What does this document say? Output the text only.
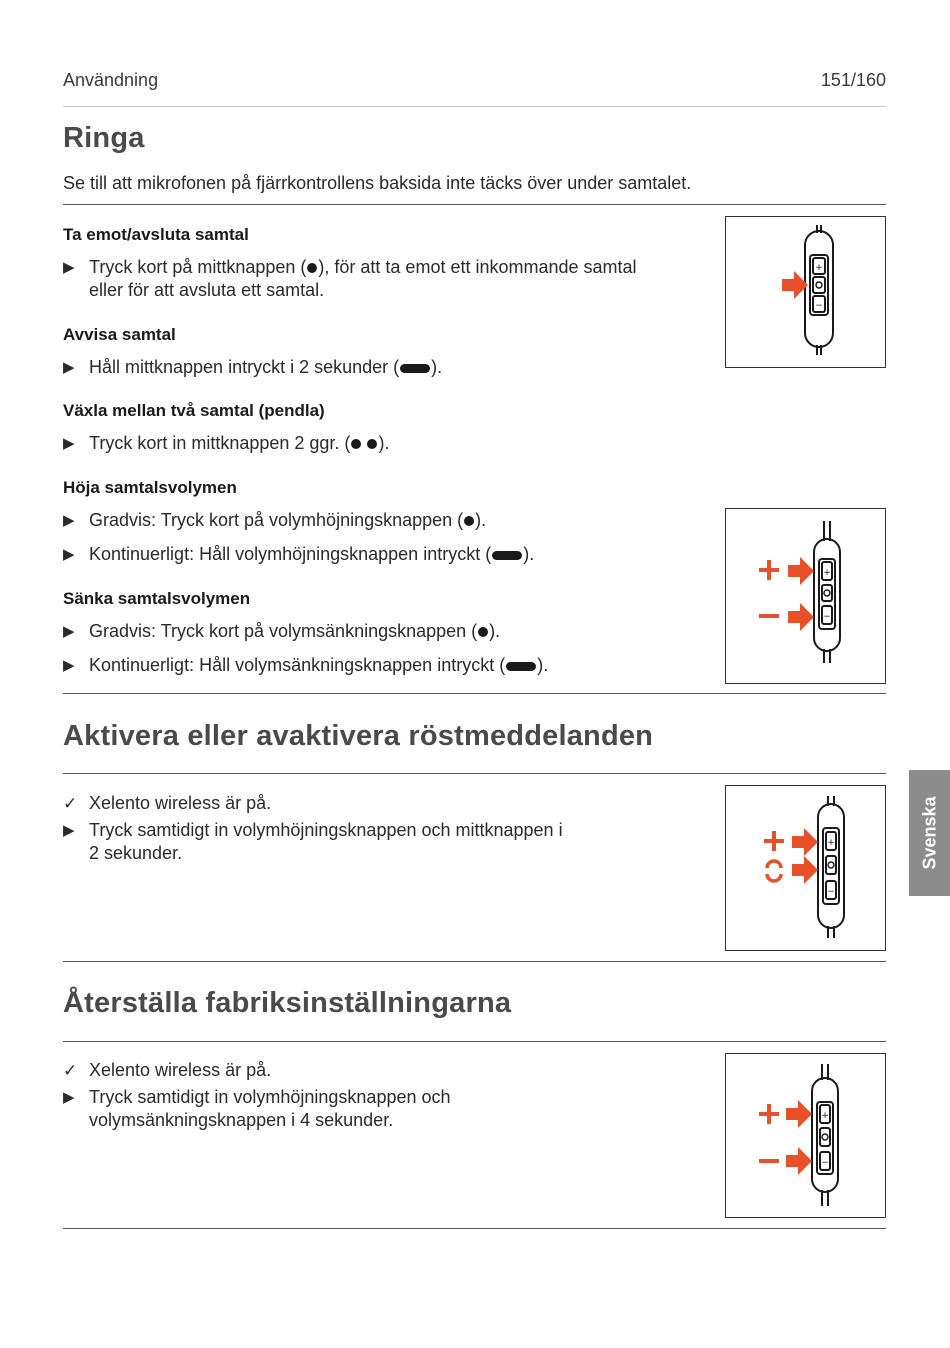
Användning	151/160
Svenska
Ringa
Se till att mikrofonen på fjärrkontrollens baksida inte täcks över under samtalet.
Ta emot/avsluta samtal
▶ Tryck kort på mittknappen ( ), för att ta emot ett inkommande samtal
eller för att avsluta ett samtal.
Avvisa samtal
▶ Håll mittknappen intryckt i 2 sekunder ( ).
Växla mellan två samtal (pendla)
▶ Tryck kort in mittknappen 2 ggr. ( ).
Höja samtalsvolymen
▶ Gradvis: Tryck kort på volymhöjningsknappen ( ).
▶ Kontinuerligt: Håll volymhöjningsknappen intryckt ( ).
Sänka samtalsvolymen
▶ Gradvis: Tryck kort på volymsänkningsknappen ( ).
▶ Kontinuerligt: Håll volymsänkningsknappen intryckt ( ).
+
−
+
−
Aktivera eller avaktivera röstmeddelanden
✓ Xelento wireless är på.
▶ Tryck samtidigt in volymhöjningsknappen och mittknappen i
2 sekunder.	+
−
Återställa fabriksinställningarna
✓ Xelento wireless är på.
▶ Tryck samtidigt in volymhöjningsknappen och
volymsänkningsknappen i 4 sekunder.	+
−
